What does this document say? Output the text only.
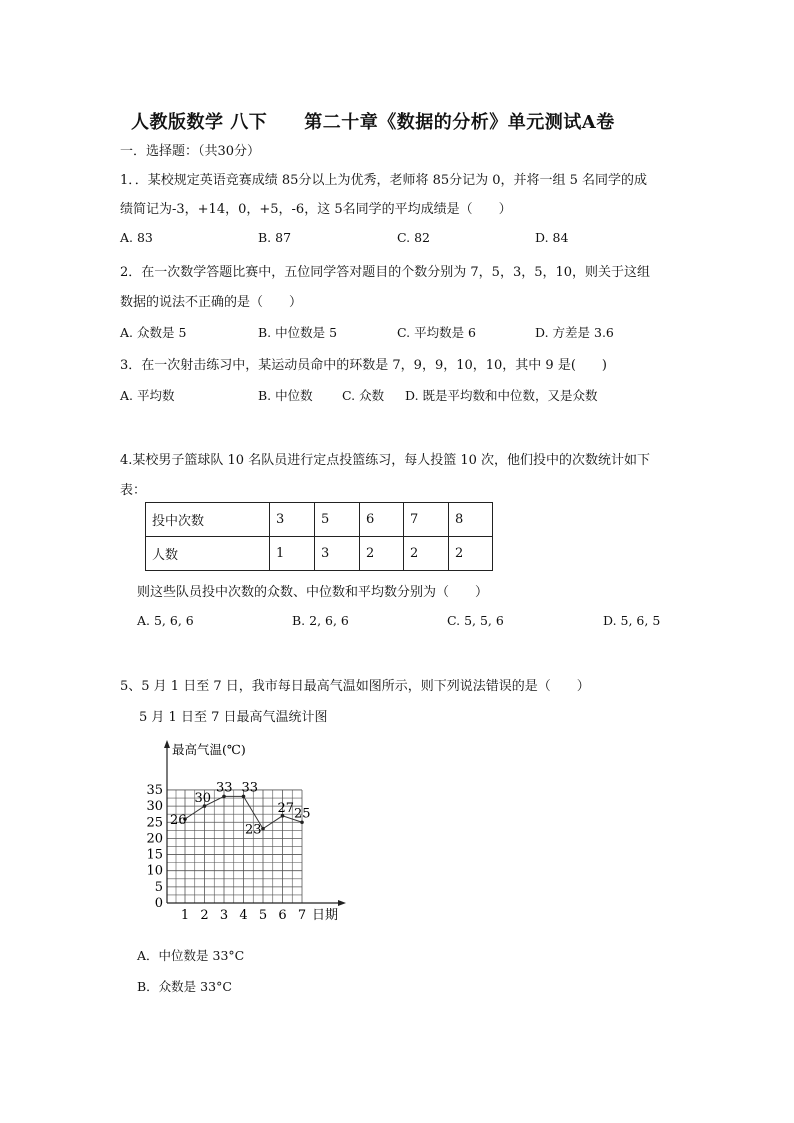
人教版数学 八下　　第二十章《数据的分析》单元测试A卷
一．选择题：（共30分）
1．．某校规定英语竞赛成绩 85分以上为优秀，老师将 85分记为 0，并将一组 5 名同学的成
绩简记为-3，+14，0，+5，-6，这 5名同学的平均成绩是（　　）
A. 83	B. 87	C. 82	D. 84
2．在一次数学答题比赛中，五位同学答对题目的个数分别为 7，5，3，5，10，则关于这组
数据的说法不正确的是（　　）
A. 众数是 5	B. 中位数是 5	C. 平均数是 6	D. 方差是 3.6
3．在一次射击练习中，某运动员命中的环数是 7，9，9，10，10，其中 9 是(　　)
A. 平均数	B. 中位数 C. 众数 D. 既是平均数和中位数，又是众数
4.某校男子篮球队 10 名队员进行定点投篮练习，每人投篮 10 次，他们投中的次数统计如下
表：
投中次数	3	5	6	7	8
人数	1	3	2	2	2
则这些队员投中次数的众数、中位数和平均数分别为（　　）
A. 5, 6, 6	B. 2, 6, 6	C. 5, 5, 6	D. 5, 6, 5
5、5 月 1 日至 7 日，我市每日最高气温如图所示，则下列说法错误的是（　　）
5 月 1 日至 7 日最高气温统计图
最高气温(℃)
日期
0
5
10
15
20
25
30
35
1 2 3 4 5 6 7
26
30
33 33
23
27 25
A．中位数是 33°C
B．众数是 33°C
